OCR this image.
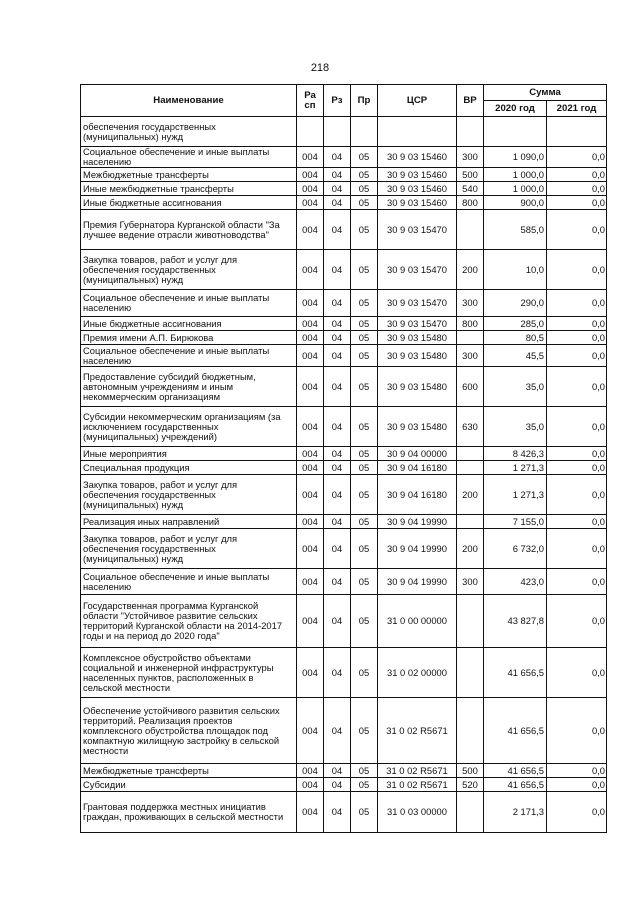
218
Наименование	Ра сп	Рз	Пр	ЦСР	ВР	Сумма	
						2020 год	2021 год
обеспечения государственных (муниципальных) нужд							
Социальное обеспечение и иные выплаты населению	004	04	05	30 9 03 15460	300	1 090,0	0,0
Межбюджетные трансферты	004	04	05	30 9 03 15460	500	1 000,0	0,0
Иные межбюджетные трансферты	004	04	05	30 9 03 15460	540	1 000,0	0,0
Иные бюджетные ассигнования	004	04	05	30 9 03 15460	800	900,0	0,0
Премия Губернатора Курганской области "За лучшее ведение отрасли животноводства"	004	04	05	30 9 03 15470		585,0	0,0
Закупка товаров, работ и услуг для обеспечения государственных (муниципальных) нужд	004	04	05	30 9 03 15470	200	10,0	0,0
Социальное обеспечение и иные выплаты населению	004	04	05	30 9 03 15470	300	290,0	0,0
Иные бюджетные ассигнования	004	04	05	30 9 03 15470	800	285,0	0,0
Премия имени А.П. Бирюкова	004	04	05	30 9 03 15480		80,5	0,0
Социальное обеспечение и иные выплаты населению	004	04	05	30 9 03 15480	300	45,5	0,0
Предоставление субсидий бюджетным, автономным учреждениям и иным некоммерческим организациям	004	04	05	30 9 03 15480	600	35,0	0,0
Субсидии некоммерческим организациям (за исключением государственных (муниципальных) учреждений)	004	04	05	30 9 03 15480	630	35,0	0,0
Иные мероприятия	004	04	05	30 9 04 00000		8 426,3	0,0
Специальная продукция	004	04	05	30 9 04 16180		1 271,3	0,0
Закупка товаров, работ и услуг для обеспечения государственных (муниципальных) нужд	004	04	05	30 9 04 16180	200	1 271,3	0,0
Реализация иных направлений	004	04	05	30 9 04 19990		7 155,0	0,0
Закупка товаров, работ и услуг для обеспечения государственных (муниципальных) нужд	004	04	05	30 9 04 19990	200	6 732,0	0,0
Социальное обеспечение и иные выплаты населению	004	04	05	30 9 04 19990	300	423,0	0,0
Государственная программа Курганской области "Устойчивое развитие сельских территорий Курганской области на 2014-2017 годы и на период до 2020 года"	004	04	05	31 0 00 00000		43 827,8	0,0
Комплексное обустройство объектами социальной и инженерной инфраструктуры населенных пунктов, расположенных в сельской местности	004	04	05	31 0 02 00000		41 656,5	0,0
Обеспечение устойчивого развития сельских территорий. Реализация проектов комплексного обустройства площадок под компактную жилищную застройку в сельской местности	004	04	05	31 0 02 R5671		41 656,5	0,0
Межбюджетные трансферты	004	04	05	31 0 02 R5671	500	41 656,5	0,0
Субсидии	004	04	05	31 0 02 R5671	520	41 656,5	0,0
Грантовая поддержка местных инициатив граждан, проживающих в сельской местности	004	04	05	31 0 03 00000		2 171,3	0,0
